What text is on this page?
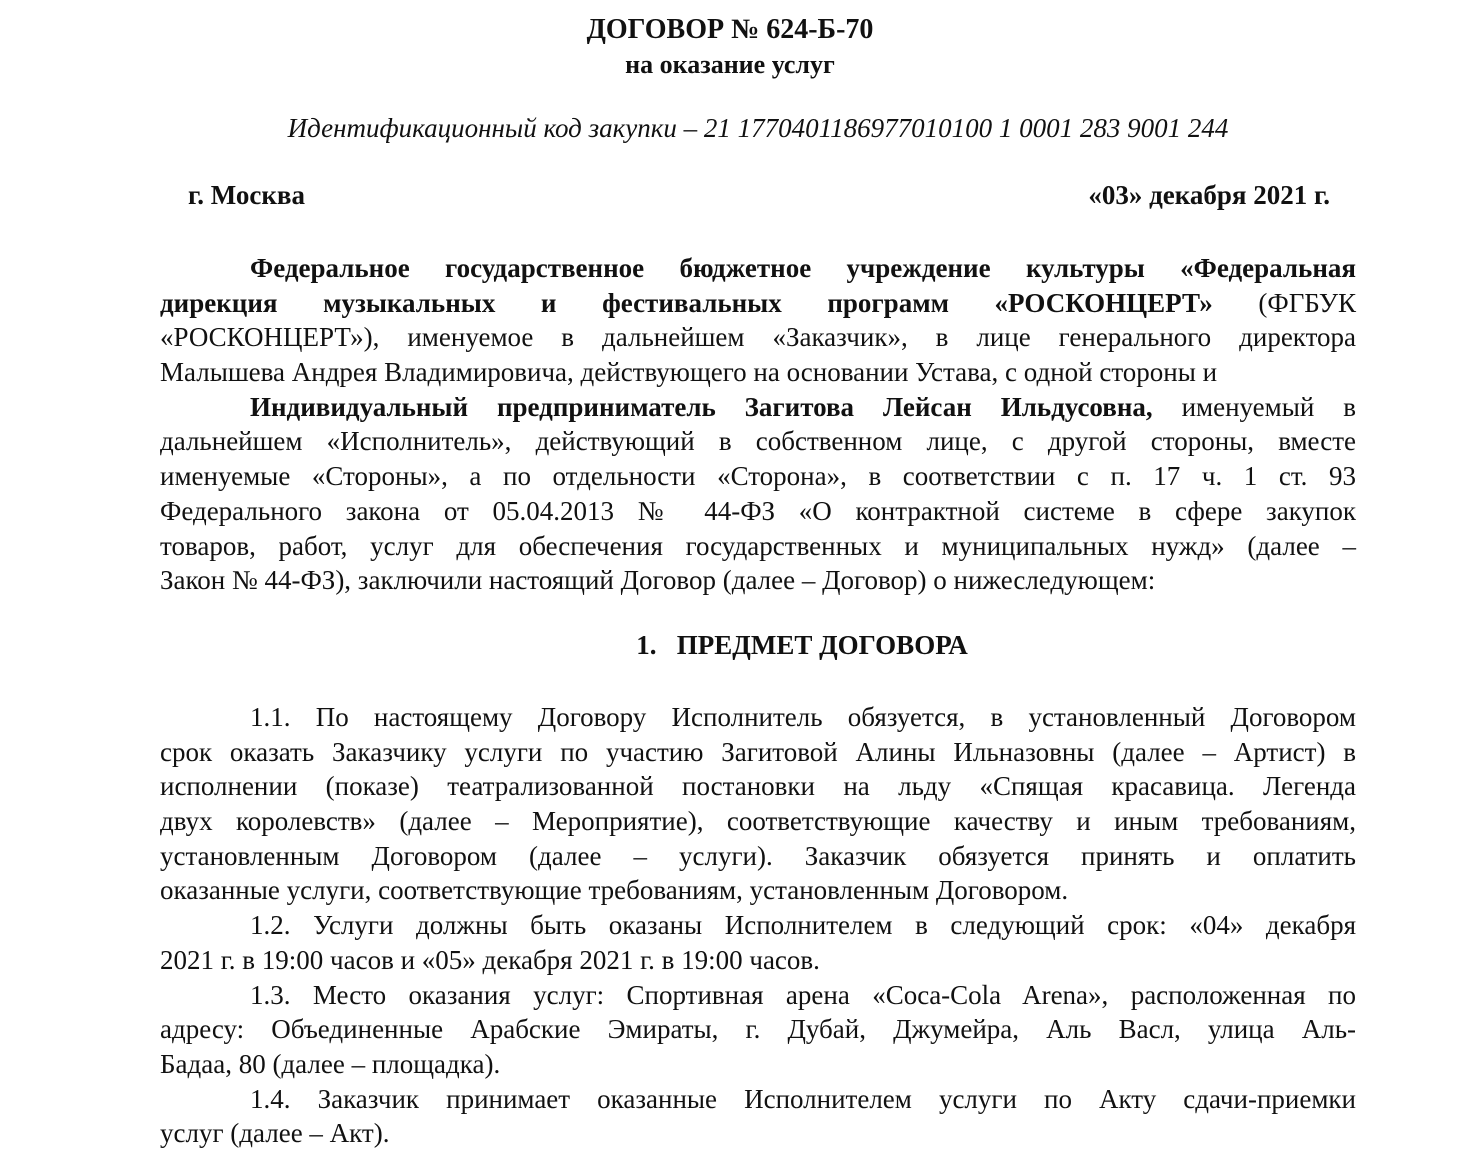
ДОГОВОР № 624-Б-70
на оказание услуг
Идентификационный код закупки – 21 1770401186977010100 1 0001 283 9001 244
г. Москва	«03» декабря 2021 г.
Федеральное государственное бюджетное учреждение культуры «Федеральная
дирекция музыкальных и фестивальных программ «РОСКОНЦЕРТ» (ФГБУК
«РОСКОНЦЕРТ»), именуемое в дальнейшем «Заказчик», в лице генерального директора
Малышева Андрея Владимировича, действующего на основании Устава, с одной стороны и
Индивидуальный предприниматель Загитова Лейсан Ильдусовна, именуемый в
дальнейшем «Исполнитель», действующий в собственном лице, с другой стороны, вместе
именуемые «Стороны», а по отдельности «Сторона», в соответствии с п. 17 ч. 1 ст. 93
Федерального закона от 05.04.2013 № 44-ФЗ «О контрактной системе в сфере закупок
товаров, работ, услуг для обеспечения государственных и муниципальных нужд» (далее –
Закон № 44-ФЗ), заключили настоящий Договор (далее – Договор) о нижеследующем:
1.   ПРЕДМЕТ ДОГОВОРА
1.1. По настоящему Договору Исполнитель обязуется, в установленный Договором
срок оказать Заказчику услуги по участию Загитовой Алины Ильназовны (далее – Артист) в
исполнении (показе) театрализованной постановки на льду «Спящая красавица. Легенда
двух королевств» (далее – Мероприятие), соответствующие качеству и иным требованиям,
установленным Договором (далее – услуги). Заказчик обязуется принять и оплатить
оказанные услуги, соответствующие требованиям, установленным Договором.
1.2. Услуги должны быть оказаны Исполнителем в следующий срок: «04» декабря
2021 г. в 19:00 часов и «05» декабря 2021 г. в 19:00 часов.
1.3. Место оказания услуг: Спортивная арена «Coca-Cola Arena», расположенная по
адресу: Объединенные Арабские Эмираты, г. Дубай, Джумейра, Аль Васл, улица Аль-
Бадаа, 80 (далее – площадка).
1.4. Заказчик принимает оказанные Исполнителем услуги по Акту сдачи-приемки
услуг (далее – Акт).
